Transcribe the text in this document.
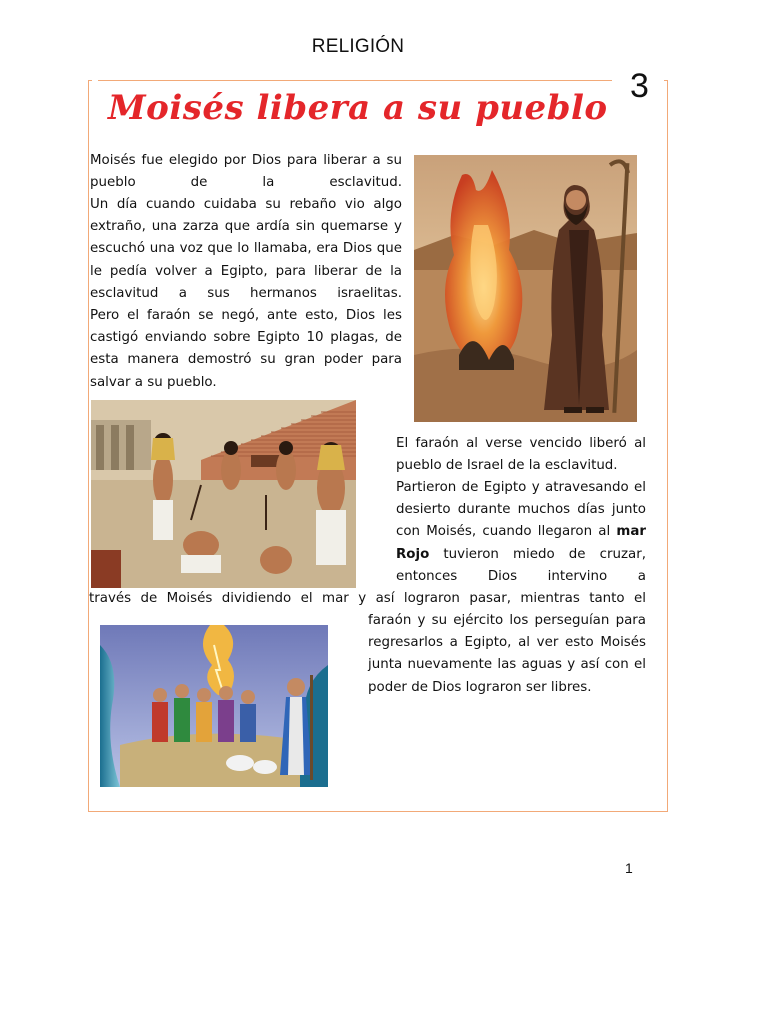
RELIGIÓN
3
Moisés libera a su pueblo
Moisés fue elegido por Dios para liberar a su pueblo de la esclavitud.
Un día cuando cuidaba su rebaño vio algo extraño, una zarza que ardía sin quemarse y escuchó una voz que lo llamaba, era Dios que le pedía volver a Egipto, para liberar de la esclavitud a sus hermanos israelitas.
Pero el faraón se negó, ante esto, Dios les castigó enviando sobre Egipto 10 plagas, de esta manera demostró su gran poder para salvar a su pueblo.
El faraón al verse vencido liberó al pueblo de Israel de la esclavitud.
Partieron de Egipto y atravesando el desierto durante muchos días junto con Moisés, cuando llegaron al mar Rojo tuvieron miedo de cruzar, entonces Dios intervino a
través de Moisés dividiendo el mar y así lograron pasar, mientras tanto el
faraón y su ejército los perseguían para regresarlos a Egipto, al ver esto Moisés junta nuevamente las aguas y así con el poder de Dios lograron ser libres.
1
